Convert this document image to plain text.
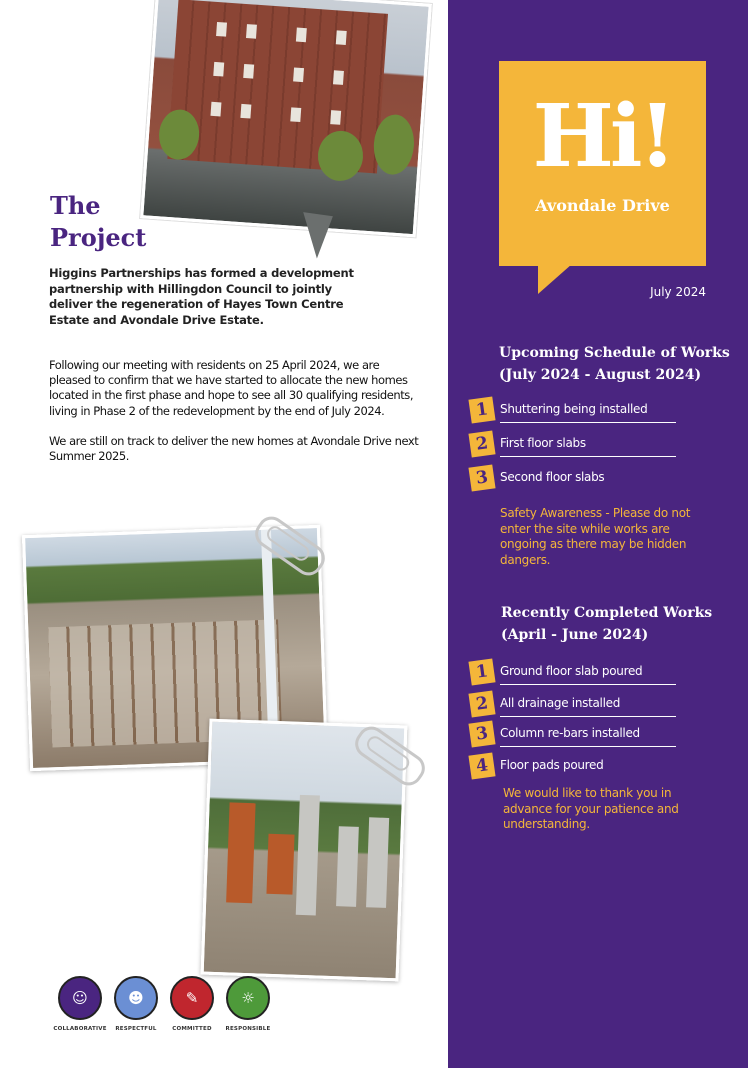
The
Project

Higgins Partnerships has formed a development partnership with Hillingdon Council to jointly deliver the regeneration of Hayes Town Centre Estate and Avondale Drive Estate.

Following our meeting with residents on 25 April 2024, we are pleased to confirm that we have started to allocate the new homes located in the first phase and hope to see all 30 qualifying residents, living in Phase 2 of the redevelopment by the end of July 2024.

We are still on track to deliver the new homes at Avondale Drive next Summer 2025.

☺
COLLABORATIVE
☻
RESPECTFUL
✎
COMMITTED
☼
RESPONSIBLE

Hi!

Avondale Drive

July 2024

Upcoming Schedule of Works
(July 2024 - August 2024)
1 Shuttering being installed
2 First floor slabs
3 Second floor slabs

Safety Awareness - Please do not enter the site while works are ongoing as there may be hidden dangers.

Recently Completed Works
(April - June 2024)
1 Ground floor slab poured
2 All drainage installed
3 Column re-bars installed
4 Floor pads poured

We would like to thank you in advance for your patience and understanding.
